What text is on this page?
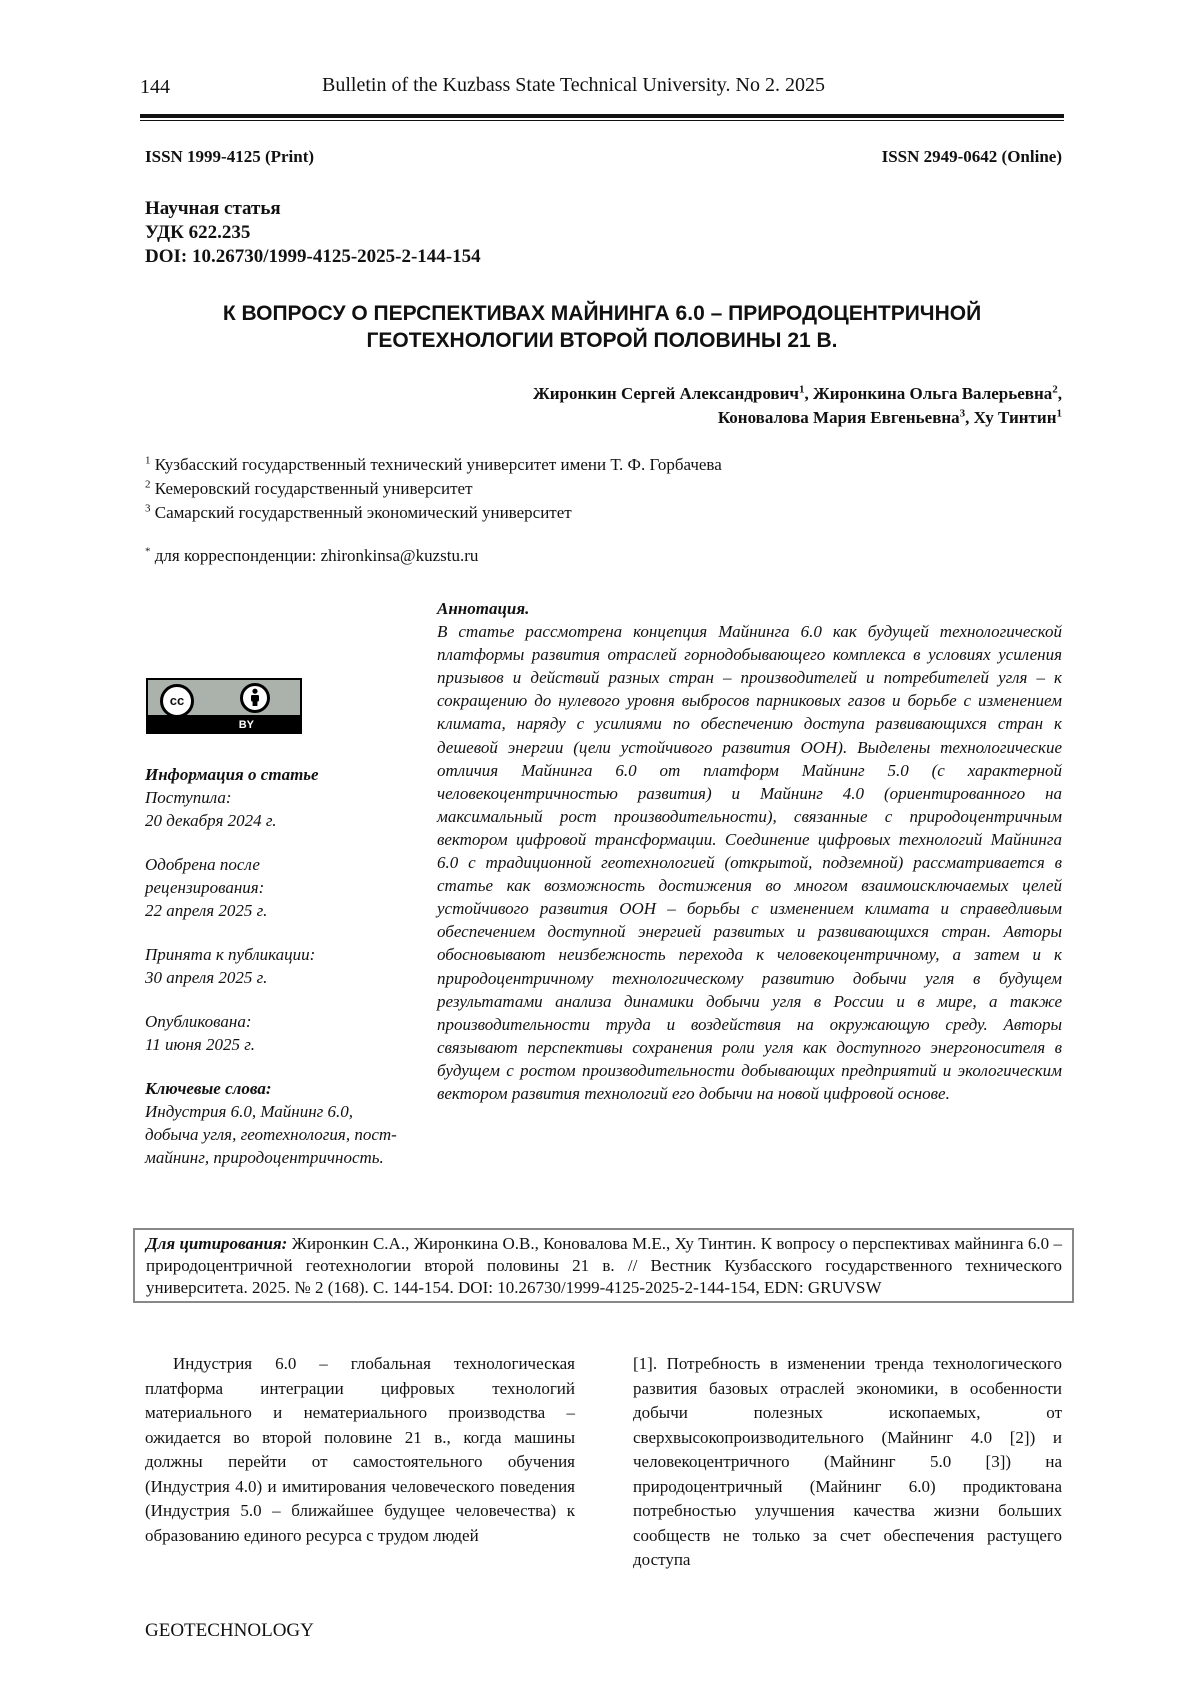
144	Bulletin of the Kuzbass State Technical University. No 2. 2025
ISSN 1999-4125 (Print)	ISSN 2949-0642 (Online)
Научная статья
УДК 622.235
DOI: 10.26730/1999-4125-2025-2-144-154
К ВОПРОСУ О ПЕРСПЕКТИВАХ МАЙНИНГА 6.0 – ПРИРОДОЦЕНТРИЧНОЙ
ГЕОТЕХНОЛОГИИ ВТОРОЙ ПОЛОВИНЫ 21 В.
Жиронкин Сергей Александрович$^1$, Жиронкина Ольга Валерьевна$^2$,
Коновалова Мария Евгеньевна$^3$, Ху Тинтин$^1$
$^1$ Кузбасский государственный технический университет имени Т. Ф. Горбачева
$^2$ Кемеровский государственный университет
$^3$ Самарский государственный экономический университет
* для корреспонденции: zhironkinsa@kuzstu.ru
cc
BY
Информация о статье
Поступила:
20 декабря 2024 г.
Одобрена после
рецензирования:
22 апреля 2025 г.
Принята к публикации:
30 апреля 2025 г.
Опубликована:
11 июня 2025 г.
Ключевые слова:
Индустрия 6.0, Майнинг 6.0, добыча угля, геотехнология, пост-майнинг, природоцентричность.
Аннотация.
В статье рассмотрена концепция Майнинга 6.0 как будущей технологической платформы развития отраслей горнодобывающего комплекса в условиях усиления призывов и действий разных стран – производителей и потребителей угля – к сокращению до нулевого уровня выбросов парниковых газов и борьбе с изменением климата, наряду с усилиями по обеспечению доступа развивающихся стран к дешевой энергии (цели устойчивого развития ООН). Выделены технологические отличия Майнинга 6.0 от платформ Майнинг 5.0 (с характерной человекоцентричностью развития) и Майнинг 4.0 (ориентированного на максимальный рост производительности), связанные с природоцентричным вектором цифровой трансформации. Соединение цифровых технологий Майнинга 6.0 с традиционной геотехнологией (открытой, подземной) рассматривается в статье как возможность достижения во многом взаимоисключаемых целей устойчивого развития ООН – борьбы с изменением климата и справедливым обеспечением доступной энергией развитых и развивающихся стран. Авторы обосновывают неизбежность перехода к человекоцентричному, а затем и к природоцентричному технологическому развитию добычи угля в будущем результатами анализа динамики добычи угля в России и в мире, а также производительности труда и воздействия на окружающую среду. Авторы связывают перспективы сохранения роли угля как доступного энергоносителя в будущем с ростом производительности добывающих предприятий и экологическим вектором развития технологий его добычи на новой цифровой основе.
Для цитирования: Жиронкин С.А., Жиронкина О.В., Коновалова М.Е., Ху Тинтин. К вопросу о перспективах майнинга 6.0 – природоцентричной геотехнологии второй половины 21 в. // Вестник Кузбасского государственного технического университета. 2025. № 2 (168). С. 144-154. DOI: 10.26730/1999-4125-2025-2-144-154, EDN: GRUVSW
Индустрия 6.0 – глобальная технологическая платформа интеграции цифровых технологий материального и нематериального производства – ожидается во второй половине 21 в., когда машины должны перейти от самостоятельного обучения (Индустрия 4.0) и имитирования человеческого поведения (Индустрия 5.0 – ближайшее будущее человечества) к образованию единого ресурса с трудом людей
[1]. Потребность в изменении тренда технологического развития базовых отраслей экономики, в особенности добычи полезных ископаемых, от сверхвысокопроизводительного (Майнинг 4.0 [2]) и человекоцентричного (Майнинг 5.0 [3]) на природоцентричный (Майнинг 6.0) продиктована потребностью улучшения качества жизни больших сообществ не только за счет обеспечения растущего доступа
GEOTECHNOLOGY
